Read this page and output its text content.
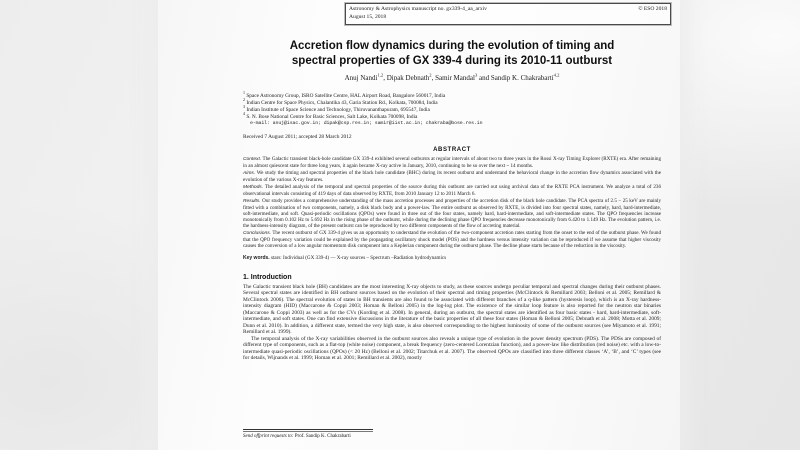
Astronomy & Astrophysics manuscript no. gx339-4_aa_arxiv	© ESO 2018
August 15, 2018
Accretion flow dynamics during the evolution of timing and
spectral properties of GX 339-4 during its 2010-11 outburst
Anuj Nandi$^{1,2}$, Dipak Debnath$^2$, Samir Mandal$^3$ and Sandip K. Chakrabarti$^{4,2}$
$^1$ Space Astronomy Group, ISRO Satellite Centre, HAL Airport Road, Bangalore 560017, India
$^2$ Indian Centre for Space Physics, Chalantika 43, Garia Station Rd., Kolkata, 700084, India
$^3$ Indian Institute of Space Science and Technology, Thiruvananthapuram, 695547, India
$^4$ S. N. Bose National Centre for Basic Sciences, Salt Lake, Kolkata 700098, India
e-mail: anuj@isac.gov.in; dipak@csp.res.in; samir@iist.ac.in; chakraba@bose.res.in
Received 7 August 2011; accepted 28 March 2012
ABSTRACT
Context. The Galactic transient black-hole candidate GX 339-4 exhibited several outbursts at regular intervals of about two to three years in the Rossi X-ray Timing Explorer (RXTE) era. After remaining in an almost quiescent state for three long years, it again became X-ray active in January, 2010, continuing to be so over the next ~ 14 months.
Aims. We study the timing and spectral properties of the black hole candidate (BHC) during its recent outburst and understand the behavioral change in the accretion flow dynamics associated with the evolution of the various X-ray features.
Methods. The detailed analysis of the temporal and spectral properties of the source during this outburst are carried out using archival data of the RXTE PCA instrument. We analyze a total of 236 observational intervals consisting of 419 days of data observed by RXTE, from 2010 January 12 to 2011 March 6.
Results. Our study provides a comprehensive understanding of the mass accretion processes and properties of the accretion disk of the black hole candidate. The PCA spectra of 2.5 − 25 keV are mainly fitted with a combination of two components, namely, a disk black body and a power-law. The entire outburst as observed by RXTE, is divided into four spectral states, namely, hard, hard-intermediate, soft-intermediate, and soft. Quasi-periodic oscillations (QPOs) were found in three out of the four states, namely hard, hard-intermediate, and soft-intermediate states. The QPO frequencies increase monotonically from 0.102 Hz to 5.692 Hz in the rising phase of the outburst, while during the declining phase QPO frequencies decrease monotonically from 6.420 to 1.149 Hz. The evolution pattern, i.e. the hardness-intensity diagram, of the present outburst can be reproduced by two different components of the flow of accreting material.
Conclusions. The recent outburst of GX 339-4 gives us an opportunity to understand the evolution of the two-component accretion rates starting from the onset to the end of the outburst phase. We found that the QPO frequency variation could be explained by the propagating oscillatory shock model (POS) and the hardness versus intensity variation can be reproduced if we assume that higher viscosity causes the conversion of a low angular momentum disk component into a Keplerian component during the outburst phase. The decline phase starts because of the reduction in the viscosity.
Key words. stars: Individual (GX 339-4) — X-ray sources – Spectrum –Radiation hydrodynamics
1. Introduction

The Galactic transient black hole (BH) candidates are the most interesting X-ray objects to study, as these sources undergo peculiar temporal and spectral changes during their outburst phases. Several spectral states are identified in BH outburst sources based on the evolution of their spectral and timing properties (McClintock & Remillard 2003; Belloni et al. 2005; Remillard & McClintock 2006). The spectral evolution of states in BH transients are also found to be associated with different branches of a q-like pattern (hysteresis loop), which is an X-ray hardness-intensity diagram (HID) (Maccarone & Coppi 2003; Homan & Belloni 2005) in the log-log plot. The existence of the similar loop feature is also reported for the neutron star binaries (Maccarone & Coppi 2003) as well as for the CVs (Kording et al. 2008). In general, during an outburst, the spectral states are identified as four basic states - hard, hard-intermediate, soft-intermediate, and soft states. One can find extensive discussions in the literature of the basic properties of all these four states (Homan & Belloni 2005; Debnath et al. 2008; Motta et al. 2009; Dunn et al. 2010). In addition, a different state, termed the very high state, is also observed corresponding to the highest luminosity of some of the outburst sources (see Miyamoto et al. 1991; Remillard et al. 1999).

The temporal analysis of the X-ray variabilities observed in the outburst sources also reveals a unique type of evolution in the power density spectrum (PDS). The PDSs are composed of different type of components, such as a flat-top (white noise) component, a break frequency (zero-centered Lorentzian function), and a power-law like distribution (red noise) etc. with a low-to-intermediate quasi-periodic oscillations (QPOs) (< 20 Hz) (Belloni et al. 2002; Titarchuk et al. 2007). The observed QPOs are classified into three different classes ‘A’, ‘B’, and ‘C’ types (see for details, Wijnands et al. 1999; Homan et al. 2001; Remillard et al. 2002), mostly

Send offprint requests to: Prof. Sandip K. Chakrabarti
